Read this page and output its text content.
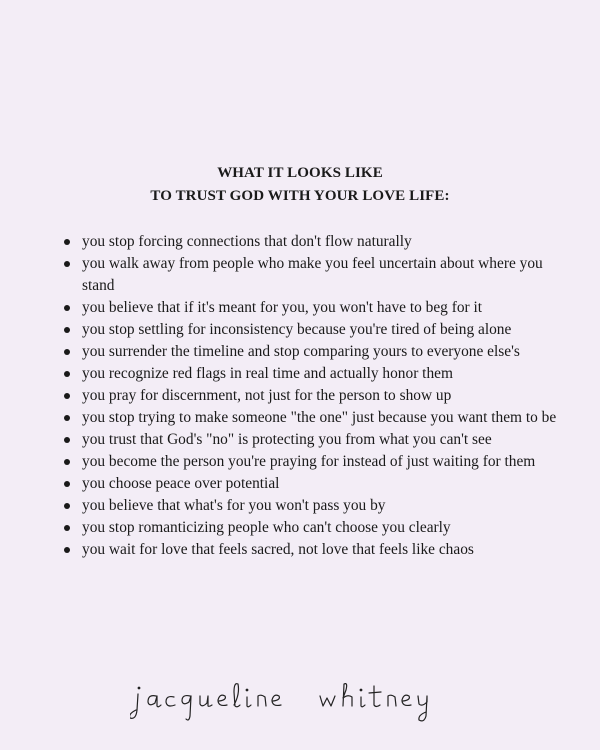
WHAT IT LOOKS LIKE
TO TRUST GOD WITH YOUR LOVE LIFE:
you stop forcing connections that don't flow naturally
you walk away from people who make you feel uncertain about where you stand
you believe that if it's meant for you, you won't have to beg for it
you stop settling for inconsistency because you're tired of being alone
you surrender the timeline and stop comparing yours to everyone else's
you recognize red flags in real time and actually honor them
you pray for discernment, not just for the person to show up
you stop trying to make someone "the one" just because you want them to be
you trust that God's "no" is protecting you from what you can't see
you become the person you're praying for instead of just waiting for them
you choose peace over potential
you believe that what's for you won't pass you by
you stop romanticizing people who can't choose you clearly
you wait for love that feels sacred, not love that feels like chaos
